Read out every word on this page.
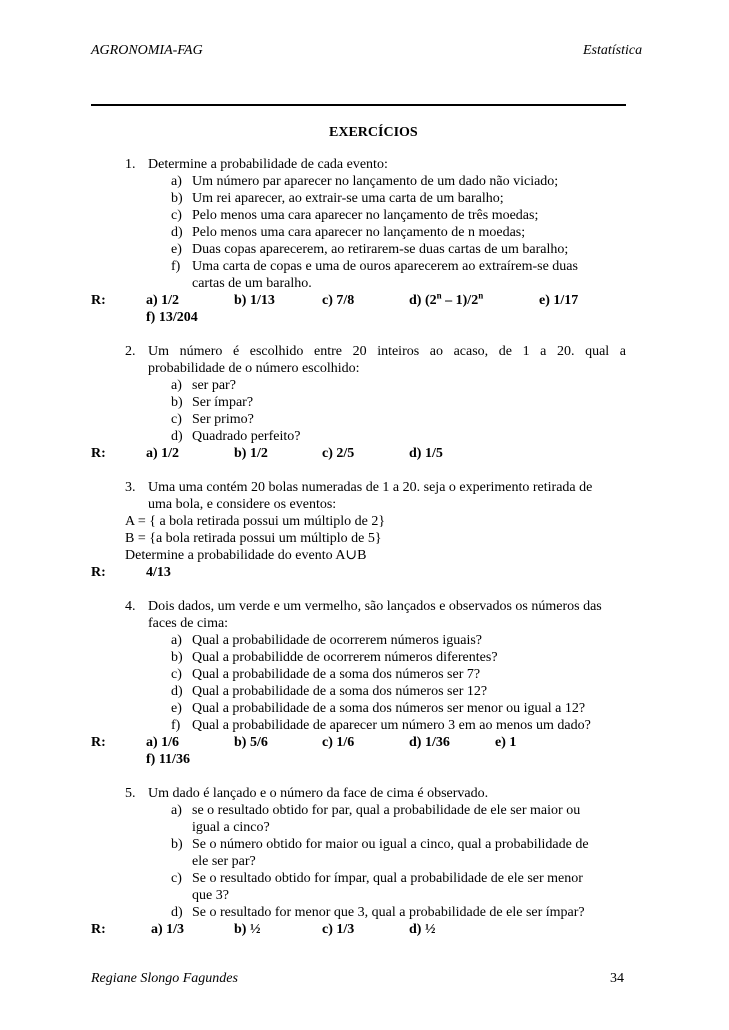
AGRONOMIA-FAG	Estatística
EXERCÍCIOS
1. Determine a probabilidade de cada evento:
a) Um número par aparecer no lançamento de um dado não viciado;
b) Um rei aparecer, ao extrair-se uma carta de um baralho;
c) Pelo menos uma cara aparecer no lançamento de três moedas;
d) Pelo menos uma cara aparecer no lançamento de n moedas;
e) Duas copas aparecerem, ao retirarem-se duas cartas de um baralho;
f) Uma carta de copas e uma de ouros aparecerem ao extraírem-se duas
cartas de um baralho.
R:	a) 1/2	b) 1/13	c) 7/8	d) (2$^n$ – 1)/2$^n$	e) 1/17
f) 13/204
2. Um número é escolhido entre 20 inteiros ao acaso, de 1 a 20. qual a
probabilidade de o número escolhido:
a) ser par?
b) Ser ímpar?
c) Ser primo?
d) Quadrado perfeito?
R:	a) 1/2	b) 1/2	c) 2/5	d) 1/5
3. Uma uma contém 20 bolas numeradas de 1 a 20. seja o experimento retirada de
uma bola, e considere os eventos:
A = { a bola retirada possui um múltiplo de 2}
B = {a bola retirada possui um múltiplo de 5}
Determine a probabilidade do evento A∪B
R:	4/13
4. Dois dados, um verde e um vermelho, são lançados e observados os números das
faces de cima:
a) Qual a probabilidade de ocorrerem números iguais?
b) Qual a probabilidde de ocorrerem números diferentes?
c) Qual a probabilidade de a soma dos números ser 7?
d) Qual a probabilidade de a soma dos números ser 12?
e) Qual a probabilidade de a soma dos números ser menor ou igual a 12?
f) Qual a probabilidade de aparecer um número 3 em ao menos um dado?
R:	a) 1/6	b) 5/6	c) 1/6	d) 1/36	e) 1
f) 11/36
5. Um dado é lançado e o número da face de cima é observado.
a) se o resultado obtido for par, qual a probabilidade de ele ser maior ou
igual a cinco?
b) Se o número obtido for maior ou igual a cinco, qual a probabilidade de
ele ser par?
c) Se o resultado obtido for ímpar, qual a probabilidade de ele ser menor
que 3?
d) Se o resultado for menor que 3, qual a probabilidade de ele ser ímpar?
R:	a) 1/3	b) ½	c) 1/3	d) ½
Regiane Slongo Fagundes	34
